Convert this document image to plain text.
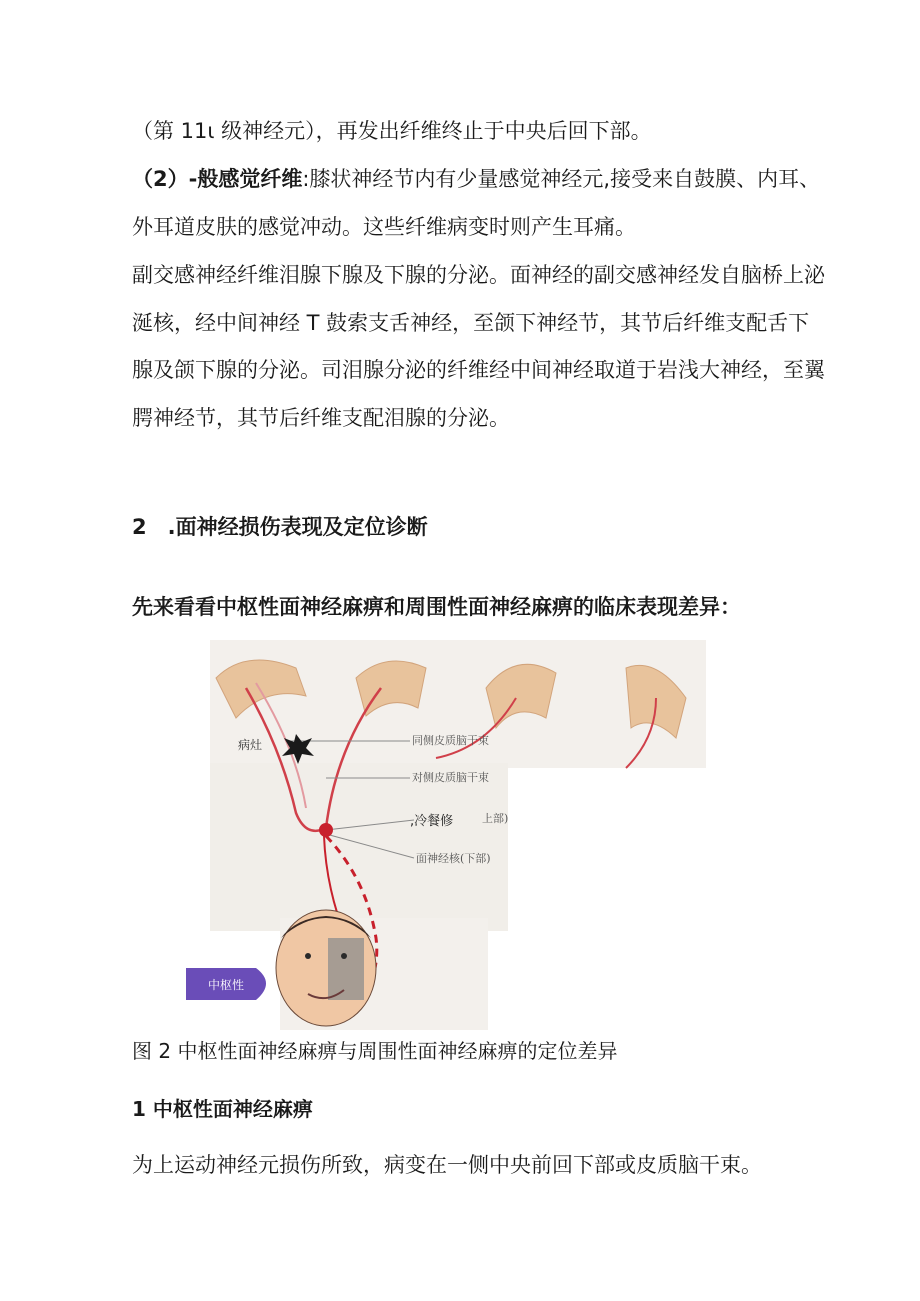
（第 11ι 级神经元），再发出纤维终止于中央后回下部。
（2）-般感觉纤维:膝状神经节内有少量感觉神经元,接受来自鼓膜、内耳、
外耳道皮肤的感觉冲动。这些纤维病变时则产生耳痛。
副交感神经纤维泪腺下腺及下腺的分泌。面神经的副交感神经发自脑桥上泌
涎核，经中间神经 T 鼓索支舌神经，至颌下神经节，其节后纤维支配舌下
腺及颌下腺的分泌。司泪腺分泌的纤维经中间神经取道于岩浅大神经，至翼
腭神经节，其节后纤维支配泪腺的分泌。
2　.面神经损伤表现及定位诊断
先来看看中枢性面神经麻痹和周围性面神经麻痹的临床表现差异：
病灶	同侧皮质脑干束
对侧皮质脑干束
,冷餐修	上部)
面神经核(下部)
中枢性
图 2 中枢性面神经麻痹与周围性面神经麻痹的定位差异
1 中枢性面神经麻痹
为上运动神经元损伤所致，病变在一侧中央前回下部或皮质脑干束。
